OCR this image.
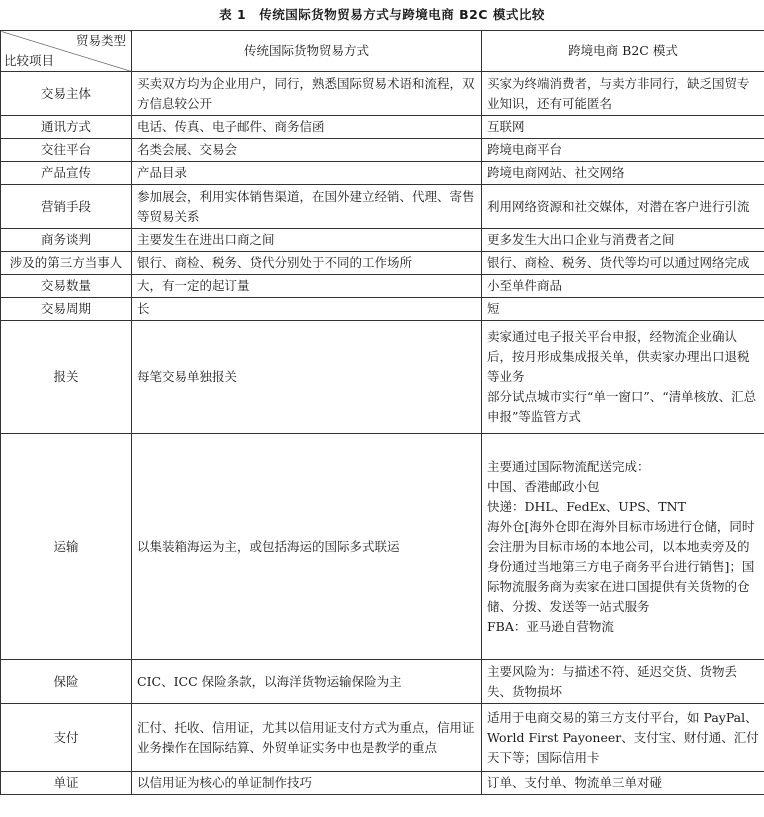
表 1　传统国际货物贸易方式与跨境电商 B2C 模式比较
贸易类型
比较项目	传统国际货物贸易方式	跨境电商 B2C 模式
交易主体	买卖双方均为企业用户，同行，熟悉国际贸易术语和流程，双方信息较公开	买家为终端消费者，与卖方非同行，缺乏国贸专业知识，还有可能匿名

通讯方式	电话、传真、电子邮件、商务信函	互联网

交往平台	名类会展、交易会	跨境电商平台

产品宣传	产品目录	跨境电商网站、社交网络

营销手段	参加展会，利用实体销售渠道，在国外建立经销、代理、寄售等贸易关系	利用网络资源和社交媒体，对潜在客户进行引流

商务谈判	主要发生在进出口商之间	更多发生大出口企业与消费者之间

涉及的第三方当事人	银行、商检、税务、贷代分别处于不同的工作场所	银行、商检、税务、货代等均可以通过网络完成

交易数量	大，有一定的起订量	小至单件商品

交易周期	长	短

报关	每笔交易单独报关	卖家通过电子报关平台申报，经物流企业确认后，按月形成集成报关单，供卖家办理出口退税等业务
部分试点城市实行“单一窗口”、“清单核放、汇总申报”等监管方式

运输	以集装箱海运为主，或包括海运的国际多式联运	主要通过国际物流配送完成：
中国、香港邮政小包
快递：DHL、FedEx、UPS、TNT
海外仓[海外仓即在海外目标市场进行仓储，同时会注册为目标市场的本地公司，以本地卖旁及的身份通过当地第三方电子商务平台进行销售]；国际物流服务商为卖家在进口国提供有关货物的仓储、分拨、发送等一站式服务
FBA：亚马逊自营物流

保险	CIC、ICC 保险条款，以海洋货物运输保险为主	主要风险为：与描述不符、延迟交货、货物丢失、货物损坏

支付	汇付、托收、信用证，尤其以信用证支付方式为重点，信用证业务操作在国际结算、外贸单证实务中也是教学的重点	适用于电商交易的第三方支付平台，如 PayPal、World First Payoneer、支付宝、财付通、汇付天下等；国际信用卡

单证	以信用证为核心的单证制作技巧	订单、支付单、物流单三单对碰
